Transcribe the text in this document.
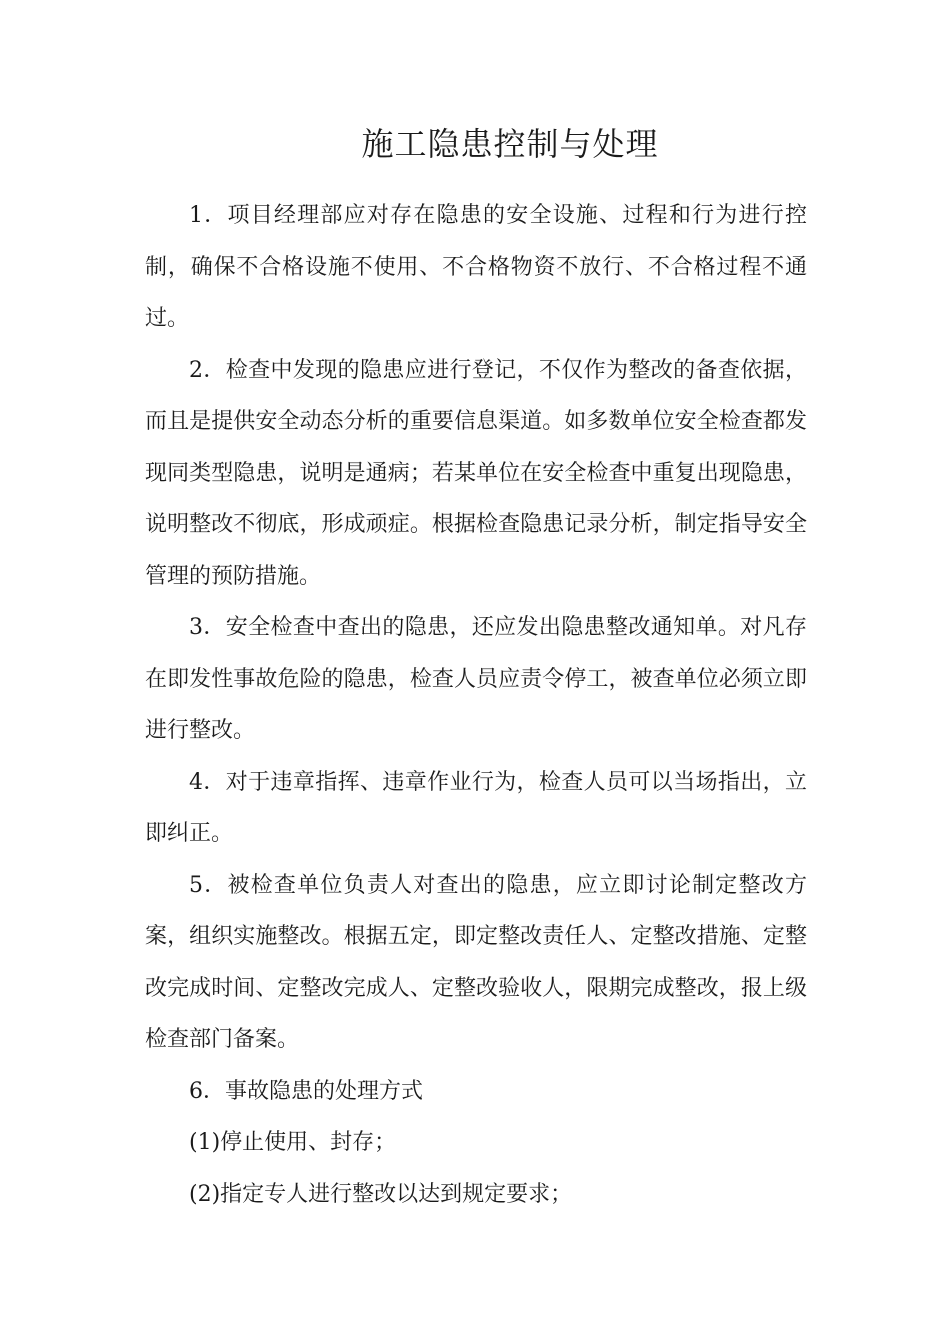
施工隐患控制与处理

1．项目经理部应对存在隐患的安全设施、过程和行为进行控制，确保不合格设施不使用、不合格物资不放行、不合格过程不通过。

2．检查中发现的隐患应进行登记，不仅作为整改的备查依据，而且是提供安全动态分析的重要信息渠道。如多数单位安全检查都发现同类型隐患，说明是通病；若某单位在安全检查中重复出现隐患，说明整改不彻底，形成顽症。根据检查隐患记录分析，制定指导安全管理的预防措施。

3．安全检查中查出的隐患，还应发出隐患整改通知单。对凡存在即发性事故危险的隐患，检查人员应责令停工，被查单位必须立即进行整改。

4．对于违章指挥、违章作业行为，检查人员可以当场指出，立即纠正。

5．被检查单位负责人对查出的隐患，应立即讨论制定整改方案，组织实施整改。根据五定，即定整改责任人、定整改措施、定整改完成时间、定整改完成人、定整改验收人，限期完成整改，报上级检查部门备案。

6．事故隐患的处理方式

(1)停止使用、封存；

(2)指定专人进行整改以达到规定要求；
